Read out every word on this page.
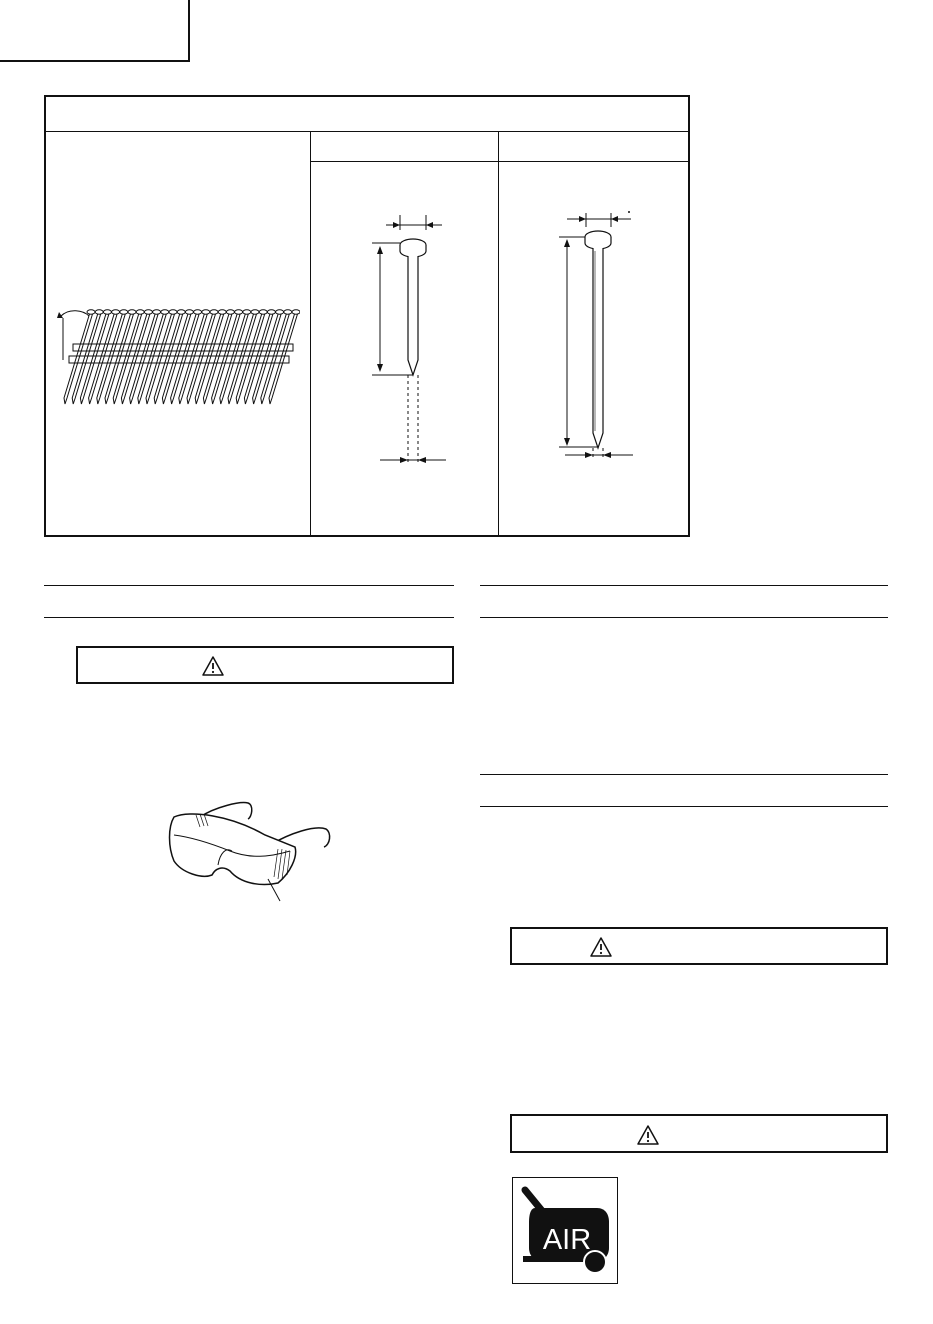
AIR
